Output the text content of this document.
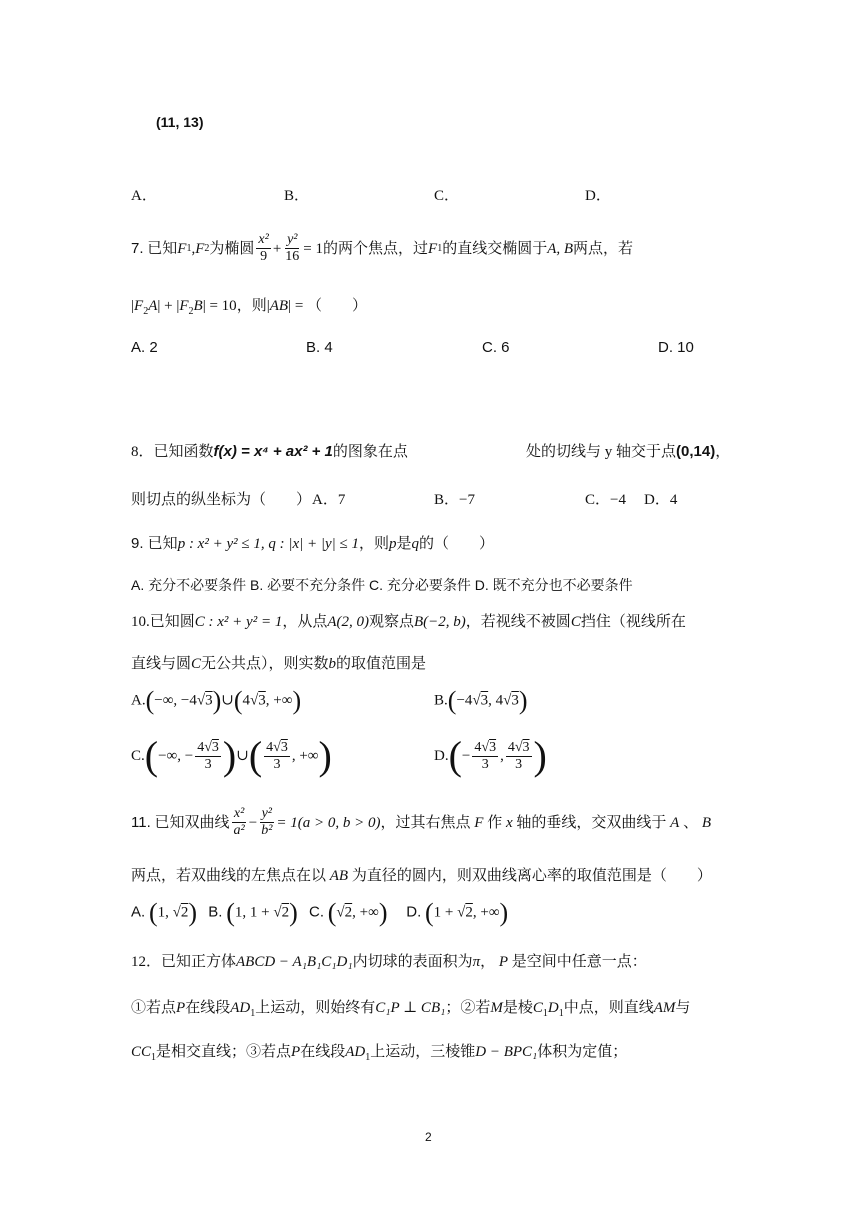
(11, 13)
A．	B．	C．	D．
7.
已知 F 1 , F 2 为椭圆 $\frac{\text{x²}}{9} + \frac{\text{y²}}{16} = 1$ 的两个焦点，过 F 1 的直线交椭圆于 A, B 两点，若
$|F_2A| + |F_2B| = 10$，则|AB| = （　　）
A. 2	B. 4	C. 6	D. 10
8．已知函数f(x) = x⁴ + ax² + 1的图象在点	处的切线与 y 轴交于点(0,14)，
则切点的纵坐标为（　　） A．7	B．−7	C．−4 D．4
9. 已知p : x² + y² ≤ 1, q : |x| + |y| ≤ 1，则p是q的（　　）
A. 充分不必要条件 B. 必要不充分条件 C. 充分必要条件 D. 既不充分也不必要条件
10.已知圆C : x² + y² = 1，从点A(2, 0)观察点B(−2, b)，若视线不被圆C挡住（视线所在
直线与圆C无公共点），则实数b的取值范围是
A.(−∞, −4√3)∪(4√3, +∞)	B.(−4√3, 4√3)
C. ( −∞, − $\frac{4√3}{3}$ ) ∪ ( $\frac{4√3}{3}$ , +∞ )	D. ( − $\frac{4√3}{3}$ , $\frac{4√3}{3}$ )
11.
已知双曲线 $\frac{\text{x²}}{\text{a²}} - \frac{\text{y²}}{\text{b²}} = 1(a > 0$, b > 0) ，过其右焦点 F 作 x 轴的垂线，交双曲线于 A 、 B
两点，若双曲线的左焦点在以 AB 为直径的圆内，则双曲线离心率的取值范围是（　　）
A. (1, √2) B. (1, 1 + √2) C. (√2, +∞) D. (1 + √2, +∞)
12．已知正方体ABCD − A₁B₁C₁D₁内切球的表面积为π， P 是空间中任意一点：
①若点P在线段$AD_1$上运动，则始终有C₁P ⊥ CB₁；②若M是棱$C_1D_1$中点，则直线AM与
$CC_1$是相交直线；③若点P在线段$AD_1$上运动，三棱锥D − BPC₁体积为定值；
2
